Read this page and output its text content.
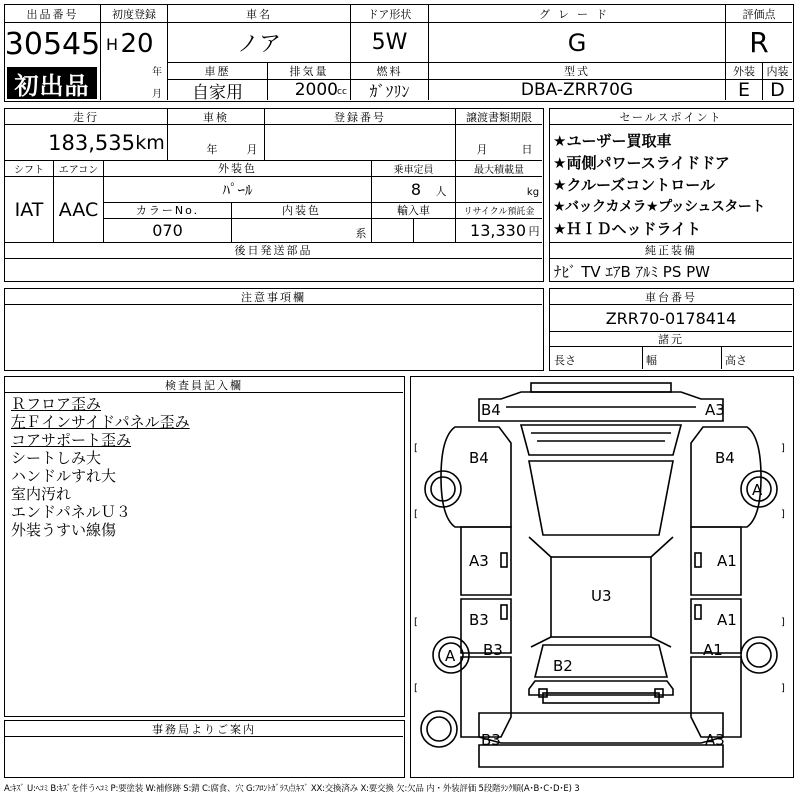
出品番号
30545
初出品
初度登録
H 20
年
月
車名
ノア
ドア形状
5W
グレード
G
評価点
R
車歴
自家用
排気量
2000 cc
燃料
ｶﾞｿﾘﾝ
型式
DBA-ZRR70G
外装	内装
E	D
走行
183,535 km
車検
年	月
登録番号	譲渡書類期限
月	日
シフト
IAT
エアコン
AAC
外装色
ﾊﾟｰﾙ
乗車定員
8	人
最大積載量
kg
カラーNo.
070
内装色
系
輸入車	リサイクル預託金
13,330 円
後日発送部品
セールスポイント
★ユーザー買取車
★両側パワースライドドア
★クルーズコントロール
★バックカメラ★プッシュスタート
★ＨＩＤヘッドライト
純正装備
ﾅﾋﾞ TV ｴｱB ｱﾙﾐ PS PW
注意事項欄	車台番号
ZRR70-0178414
諸元
長さ	幅	高さ
検査員記入欄
Ｒフロア歪み
左Ｆインサイドパネル歪み
コアサポート歪み
シートしみ大
ハンドルすれ大
室内汚れ
エンドパネルＵ３
外装うすい線傷
事務局よりご案内
[	]
[	]
[	]
[	]
B4	A3
B4	B4
A
A3	A1
B3	A1
U3
B3
A	A1
B2
B3	A3
A:ｷｽﾞ U:ﾍｺﾐ B:ｷｽﾞを伴うﾍｺﾐ P:要塗装 W:補修跡 S:錆 C:腐食、穴 G:ﾌﾛﾝﾄｶﾞﾗｽ点ｷｽﾞ XX:交換済み X:要交換 欠:欠品 内・外装評価 5段階ﾗﾝｸ順(A･B･C･D･E) 3
